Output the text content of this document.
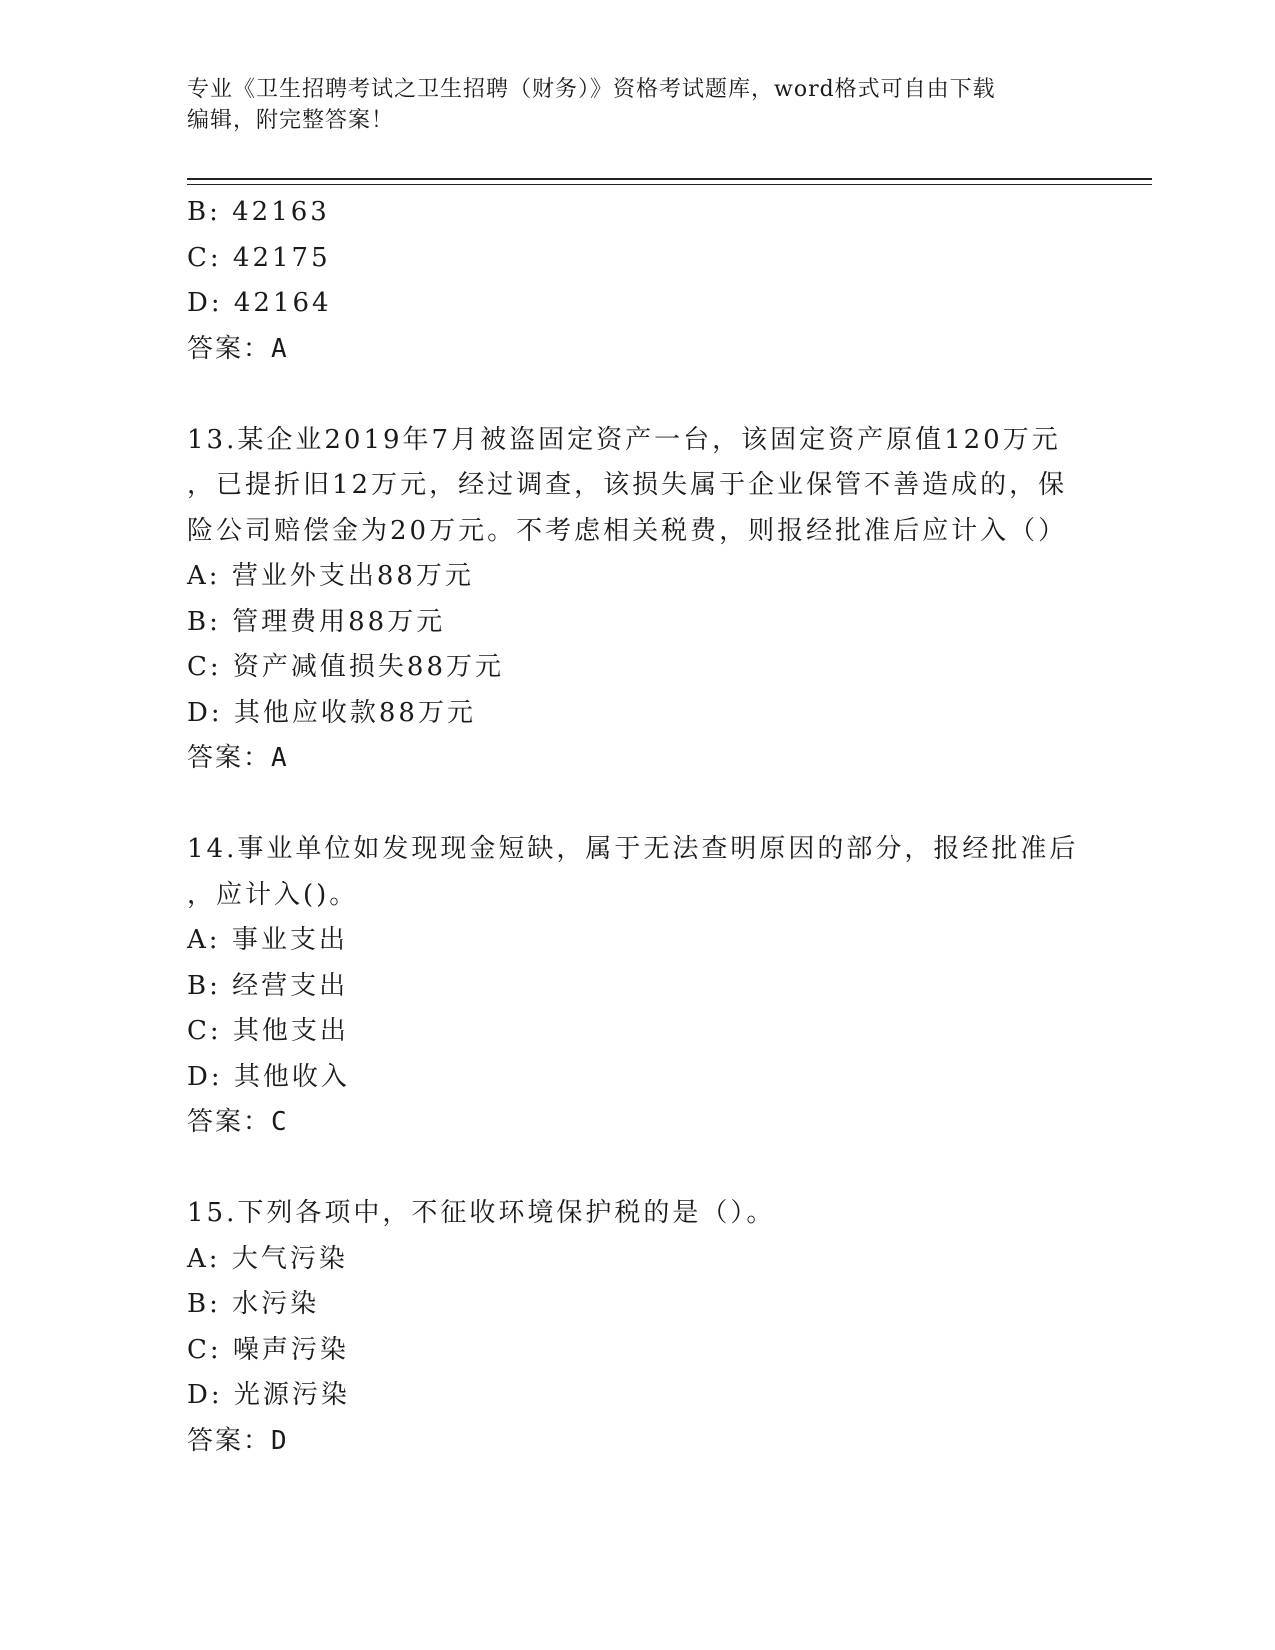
专业《卫生招聘考试之卫生招聘（财务）》资格考试题库，word格式可自由下载
编辑，附完整答案！
B: 42163
C: 42175
D: 42164
答案：A
13.某企业2019年7月被盗固定资产一台，该固定资产原值120万元
，已提折旧12万元，经过调查，该损失属于企业保管不善造成的，保
险公司赔偿金为20万元。不考虑相关税费，则报经批准后应计入（）
A: 营业外支出88万元
B: 管理费用88万元
C: 资产减值损失88万元
D: 其他应收款88万元
答案：A
14.事业单位如发现现金短缺，属于无法查明原因的部分，报经批准后
，应计入()。
A: 事业支出
B: 经营支出
C: 其他支出
D: 其他收入
答案：C
15.下列各项中，不征收环境保护税的是（）。
A: 大气污染
B: 水污染
C: 噪声污染
D: 光源污染
答案：D
